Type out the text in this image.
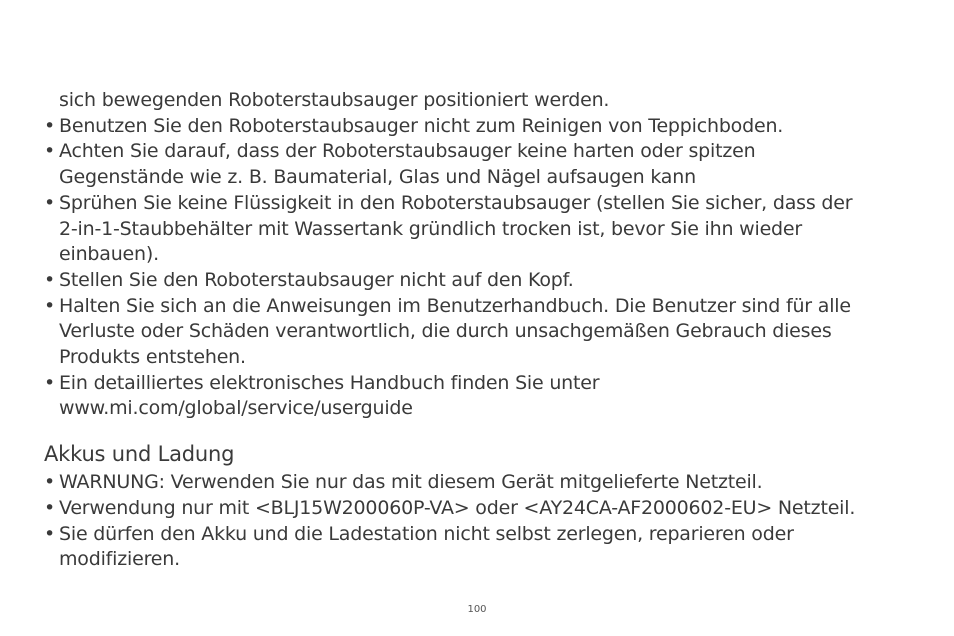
sich bewegenden Roboterstaubsauger positioniert werden.
• Benutzen Sie den Roboterstaubsauger nicht zum Reinigen von Teppichboden.
• Achten Sie darauf, dass der Roboterstaubsauger keine harten oder spitzen
Gegenstände wie z. B. Baumaterial, Glas und Nägel aufsaugen kann
• Sprühen Sie keine Flüssigkeit in den Roboterstaubsauger (stellen Sie sicher, dass der
2-in-1-Staubbehälter mit Wassertank gründlich trocken ist, bevor Sie ihn wieder
einbauen).
• Stellen Sie den Roboterstaubsauger nicht auf den Kopf.
• Halten Sie sich an die Anweisungen im Benutzerhandbuch. Die Benutzer sind für alle
Verluste oder Schäden verantwortlich, die durch unsachgemäßen Gebrauch dieses
Produkts entstehen.
• Ein detailliertes elektronisches Handbuch finden Sie unter
www.mi.com/global/service/userguide
Akkus und Ladung
• WARNUNG: Verwenden Sie nur das mit diesem Gerät mitgelieferte Netzteil.
• Verwendung nur mit <BLJ15W200060P-VA> oder <AY24CA-AF2000602-EU> Netzteil.
• Sie dürfen den Akku und die Ladestation nicht selbst zerlegen, reparieren oder
modifizieren.
100
